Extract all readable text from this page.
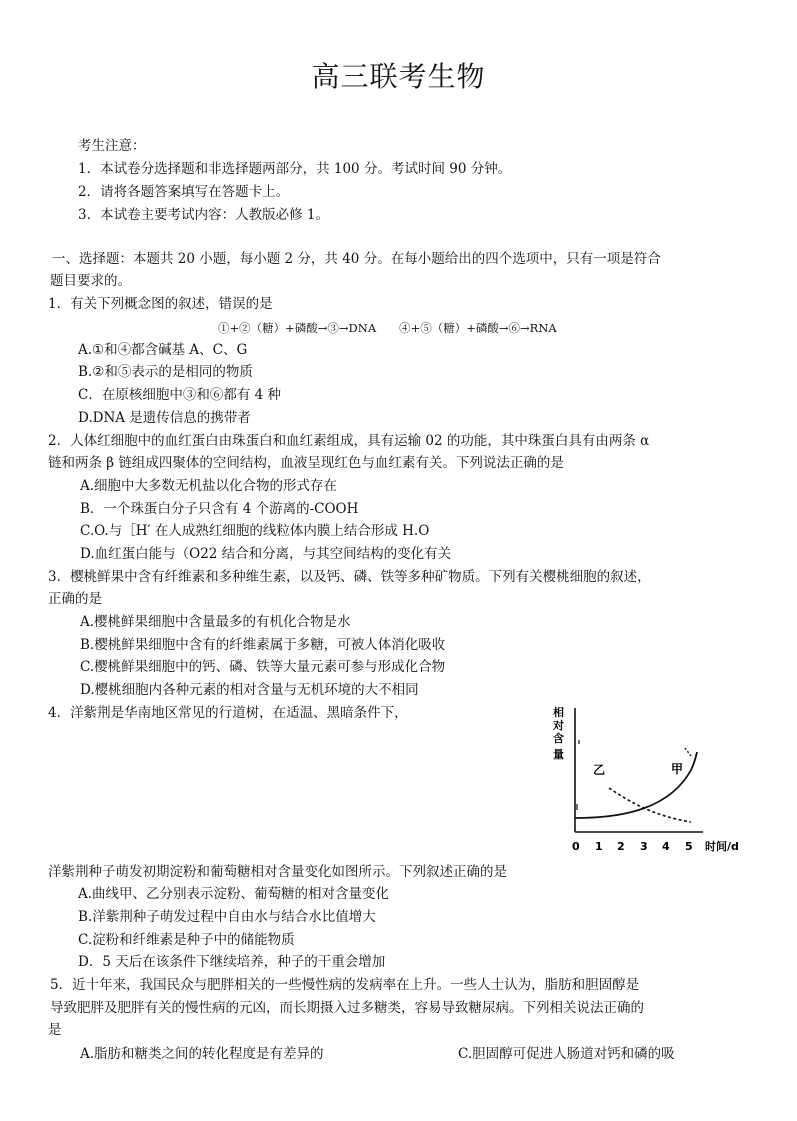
高三联考生物
考生注意：
1．本试卷分选择题和非选择题两部分，共 100 分。考试时间 90 分钟。
2．请将各题答案填写在答题卡上。
3．本试卷主要考试内容：人教版必修 1。
一、选择题：本题共 20 小题，每小题 2 分，共 40 分。在每小题给出的四个选项中，只有一项是符合
题目要求的。
1．有关下列概念图的叙述，错误的是
①+②（糖）+磷酸→③→DNA　　④+⑤（糖）+磷酸→⑥→RNA
A.①和④都含碱基 A、C、G
B.②和⑤表示的是相同的物质
C．在原核细胞中③和⑥都有 4 种
D.DNA 是遗传信息的携带者
2．人体红细胞中的血红蛋白由珠蛋白和血红素组成，具有运输 02 的功能，其中珠蛋白具有由两条 α
链和两条 β 链组成四聚体的空间结构，血液呈现红色与血红素有关。下列说法正确的是
A.细胞中大多数无机盐以化合物的形式存在
B．一个珠蛋白分子只含有 4 个游离的-COOH
C.O.与［H′ 在人成熟红细胞的线粒体内膜上结合形成 H.O
D.血红蛋白能与（O22 结合和分离，与其空间结构的变化有关
3．樱桃鲜果中含有纤维素和多种维生素，以及钙、磷、铁等多种矿物质。下列有关樱桃细胞的叙述，
正确的是
A.樱桃鲜果细胞中含量最多的有机化合物是水
B.樱桃鲜果细胞中含有的纤维素属于多糖，可被人体消化吸收
C.樱桃鲜果细胞中的钙、磷、铁等大量元素可参与形成化合物
D.樱桃细胞内各种元素的相对含量与无机环境的大不相同
4．洋紫荆是华南地区常见的行道树，在适温、黑暗条件下，	相
对
含
量
甲
乙
0 1 2 3 4 5 时间/d
洋紫荆种子萌发初期淀粉和葡萄糖相对含量变化如图所示。下列叙述正确的是
A.曲线甲、乙分别表示淀粉、葡萄糖的相对含量变化
B.洋紫荆种子萌发过程中自由水与结合水比值增大
C.淀粉和纤维素是种子中的储能物质
D．5 天后在该条件下继续培养，种子的干重会增加
5．近十年来，我国民众与肥胖相关的一些慢性病的发病率在上升。一些人士认为，脂肪和胆固醇是
导致肥胖及肥胖有关的慢性病的元凶，而长期摄入过多糖类，容易导致糖尿病。下列相关说法正确的
是
A.脂肪和糖类之间的转化程度是有差异的	C.胆固醇可促进人肠道对钙和磷的吸
